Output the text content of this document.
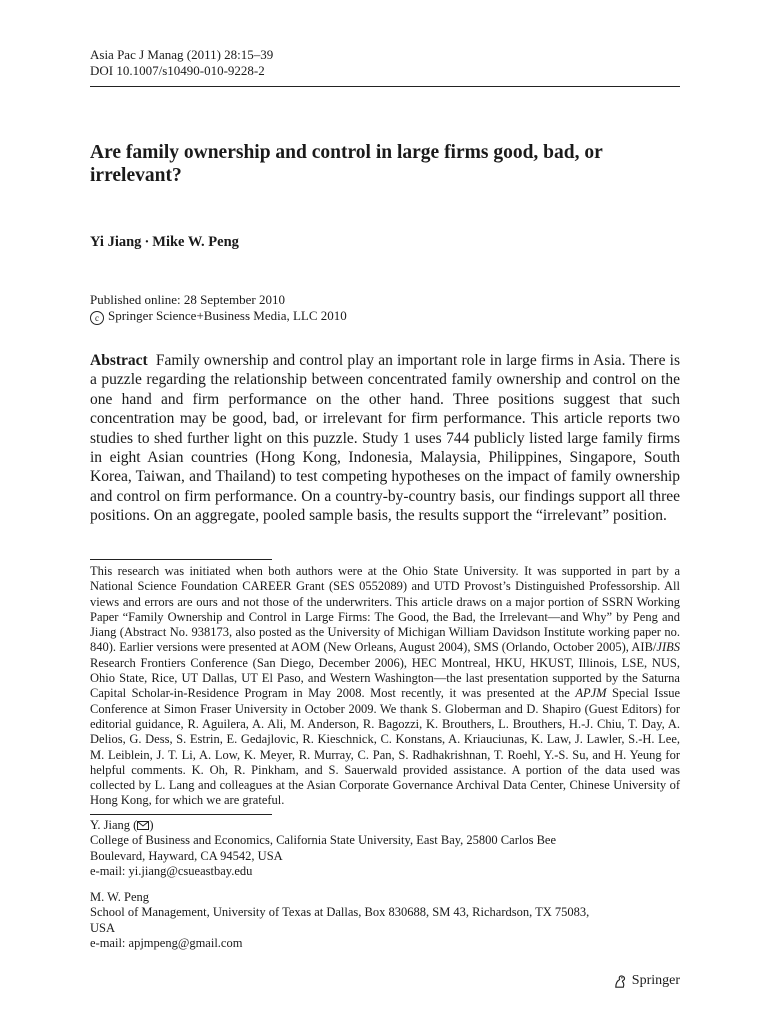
Asia Pac J Manag (2011) 28:15–39
DOI 10.1007/s10490-010-9228-2
Are family ownership and control in large firms good, bad, or irrelevant?
Yi Jiang · Mike W. Peng
Published online: 28 September 2010
c Springer Science+Business Media, LLC 2010

Abstract Family ownership and control play an important role in large firms in Asia. There is a puzzle regarding the relationship between concentrated family ownership and control on the one hand and firm performance on the other hand. Three positions suggest that such concentration may be good, bad, or irrelevant for firm performance. This article reports two studies to shed further light on this puzzle. Study 1 uses 744 publicly listed large family firms in eight Asian countries (Hong Kong, Indonesia, Malaysia, Philippines, Singapore, South Korea, Taiwan, and Thailand) to test competing hypotheses on the impact of family ownership and control on firm performance. On a country-by-country basis, our findings support all three positions. On an aggregate, pooled sample basis, the results support the “irrelevant” position.

This research was initiated when both authors were at the Ohio State University. It was supported in part by a National Science Foundation CAREER Grant (SES 0552089) and UTD Provost’s Distinguished Professorship. All views and errors are ours and not those of the underwriters. This article draws on a major portion of SSRN Working Paper “Family Ownership and Control in Large Firms: The Good, the Bad, the Irrelevant—and Why” by Peng and Jiang (Abstract No. 938173, also posted as the University of Michigan William Davidson Institute working paper no. 840). Earlier versions were presented at AOM (New Orleans, August 2004), SMS (Orlando, October 2005), AIB/JIBS Research Frontiers Conference (San Diego, December 2006), HEC Montreal, HKU, HKUST, Illinois, LSE, NUS, Ohio State, Rice, UT Dallas, UT El Paso, and Western Washington—the last presentation supported by the Saturna Capital Scholar-in-Residence Program in May 2008. Most recently, it was presented at the APJM Special Issue Conference at Simon Fraser University in October 2009. We thank S. Globerman and D. Shapiro (Guest Editors) for editorial guidance, R. Aguilera, A. Ali, M. Anderson, R. Bagozzi, K. Brouthers, L. Brouthers, H.-J. Chiu, T. Day, A. Delios, G. Dess, S. Estrin, E. Gedajlovic, R. Kieschnick, C. Konstans, A. Kriauciunas, K. Law, J. Lawler, S.-H. Lee, M. Leiblein, J. T. Li, A. Low, K. Meyer, R. Murray, C. Pan, S. Radhakrishnan, T. Roehl, Y.-S. Su, and H. Yeung for helpful comments. K. Oh, R. Pinkham, and S. Sauerwald provided assistance. A portion of the data used was collected by L. Lang and colleagues at the Asian Corporate Governance Archival Data Center, Chinese University of Hong Kong, for which we are grateful.

Y. Jiang ( )
College of Business and Economics, California State University, East Bay, 25800 Carlos Bee
Boulevard, Hayward, CA 94542, USA
e-mail: yi.jiang@csueastbay.edu
M. W. Peng
School of Management, University of Texas at Dallas, Box 830688, SM 43, Richardson, TX 75083,
USA
e-mail: apjmpeng@gmail.com
Springer
